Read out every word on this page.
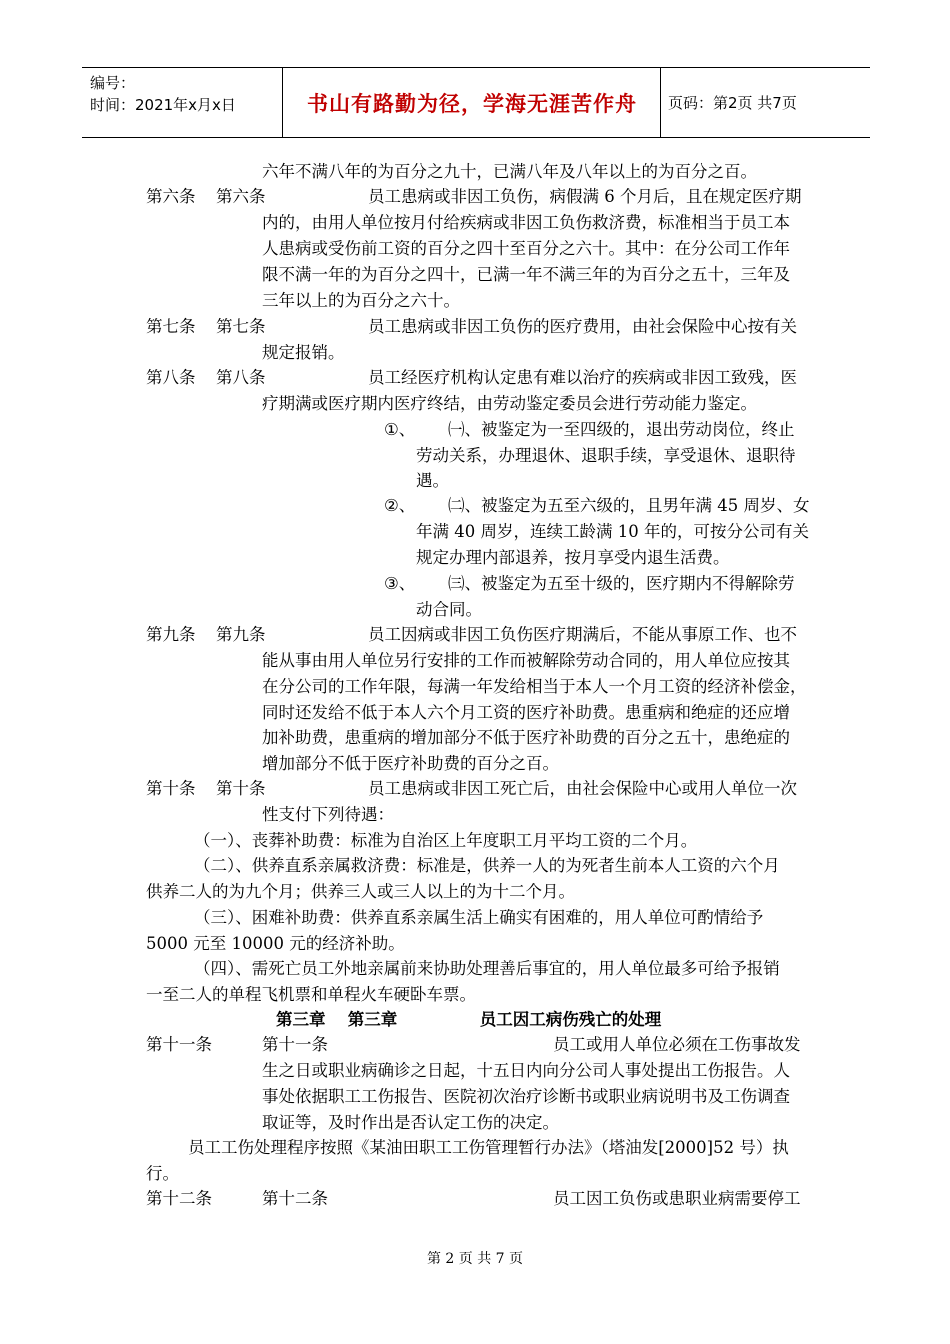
编号：
时间：2021年x月x日	书山有路勤为径，学海无涯苦作舟	页码：第2页 共7页
六年不满八年的为百分之九十，已满八年及八年以上的为百分之百。
第六条 第六条	员工患病或非因工负伤，病假满 6 个月后，且在规定医疗期
内的，由用人单位按月付给疾病或非因工负伤救济费，标准相当于员工本
人患病或受伤前工资的百分之四十至百分之六十。其中：在分公司工作年
限不满一年的为百分之四十，已满一年不满三年的为百分之五十，三年及
三年以上的为百分之六十。
第七条 第七条	员工患病或非因工负伤的医疗费用，由社会保险中心按有关
规定报销。
第八条 第八条	员工经医疗机构认定患有难以治疗的疾病或非因工致残，医
疗期满或医疗期内医疗终结，由劳动鉴定委员会进行劳动能力鉴定。
①、 ㈠、被鉴定为一至四级的，退出劳动岗位，终止
劳动关系，办理退休、退职手续，享受退休、退职待
遇。
②、 ㈡、被鉴定为五至六级的，且男年满 45 周岁、女
年满 40 周岁，连续工龄满 10 年的，可按分公司有关
规定办理内部退养，按月享受内退生活费。
③、 ㈢、被鉴定为五至十级的，医疗期内不得解除劳
动合同。
第九条 第九条	员工因病或非因工负伤医疗期满后，不能从事原工作、也不
能从事由用人单位另行安排的工作而被解除劳动合同的，用人单位应按其
在分公司的工作年限，每满一年发给相当于本人一个月工资的经济补偿金，
同时还发给不低于本人六个月工资的医疗补助费。患重病和绝症的还应增
加补助费，患重病的增加部分不低于医疗补助费的百分之五十，患绝症的
增加部分不低于医疗补助费的百分之百。
第十条 第十条	员工患病或非因工死亡后，由社会保险中心或用人单位一次
性支付下列待遇：
（一）、丧葬补助费：标准为自治区上年度职工月平均工资的二个月。
（二）、供养直系亲属救济费：标准是，供养一人的为死者生前本人工资的六个月
供养二人的为九个月；供养三人或三人以上的为十二个月。
（三）、困难补助费：供养直系亲属生活上确实有困难的，用人单位可酌情给予
5000 元至 10000 元的经济补助。
（四）、需死亡员工外地亲属前来协助处理善后事宜的，用人单位最多可给予报销
一至二人的单程飞机票和单程火车硬卧车票。
第三章　 第三章　　　　　员工因工病伤残亡的处理
第十一条	第十一条	员工或用人单位必须在工伤事故发
生之日或职业病确诊之日起，十五日内向分公司人事处提出工伤报告。人
事处依据职工工伤报告、医院初次治疗诊断书或职业病说明书及工伤调查
取证等，及时作出是否认定工伤的决定。
员工工伤处理程序按照《某油田职工工伤管理暂行办法》（塔油发[2000]52 号）执
行。
第十二条	第十二条	员工因工负伤或患职业病需要停工
第 2 页 共 7 页
